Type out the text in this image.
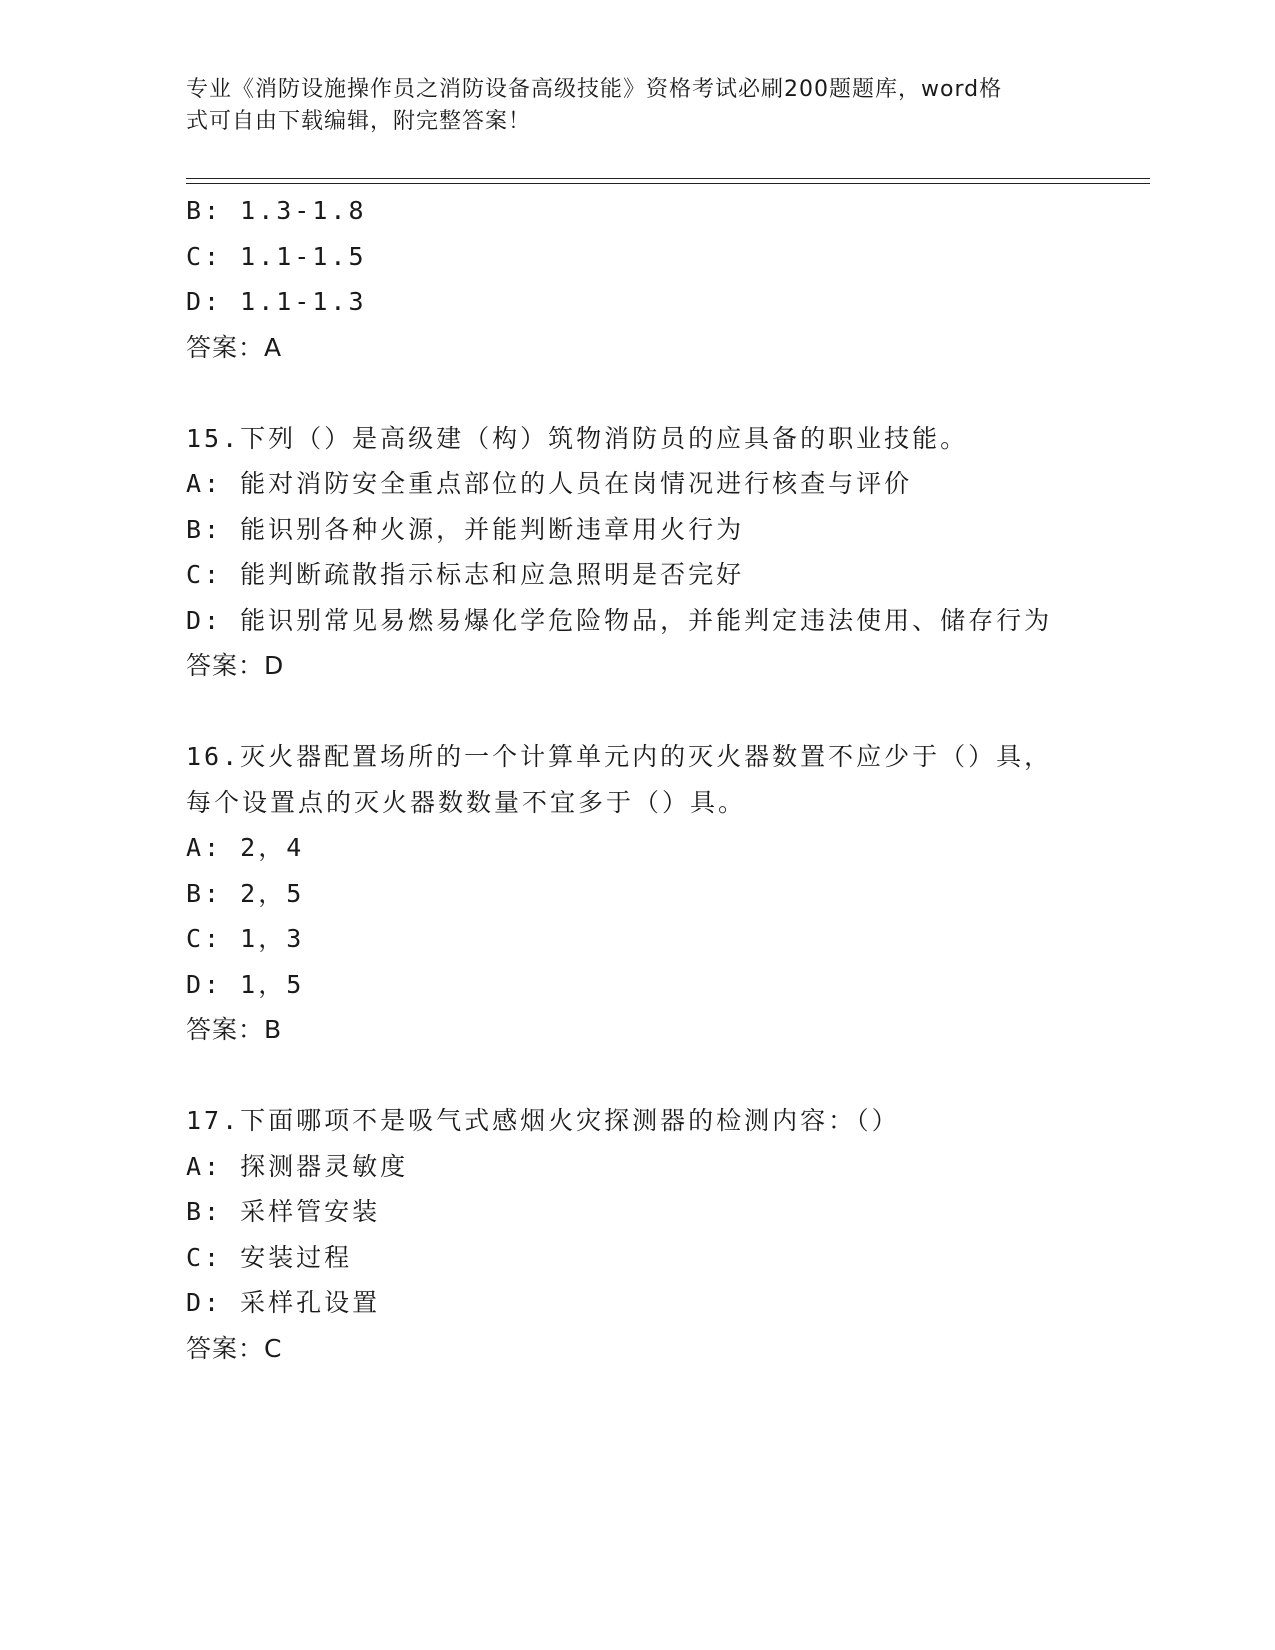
专业《消防设施操作员之消防设备高级技能》资格考试必刷200题题库，word格
式可自由下载编辑，附完整答案！
B: 1.3-1.8
C: 1.1-1.5
D: 1.1-1.3
答案：A
15.下列（）是高级建（构）筑物消防员的应具备的职业技能。
A: 能对消防安全重点部位的人员在岗情况进行核查与评价
B: 能识别各种火源，并能判断违章用火行为
C: 能判断疏散指示标志和应急照明是否完好
D: 能识别常见易燃易爆化学危险物品，并能判定违法使用、储存行为
答案：D
16.灭火器配置场所的一个计算单元内的灭火器数置不应少于（）具，
每个设置点的灭火器数数量不宜多于（）具。
A: 2，4
B: 2，5
C: 1，3
D: 1，5
答案：B
17.下面哪项不是吸气式感烟火灾探测器的检测内容：（）
A: 探测器灵敏度
B: 采样管安装
C: 安装过程
D: 采样孔设置
答案：C
